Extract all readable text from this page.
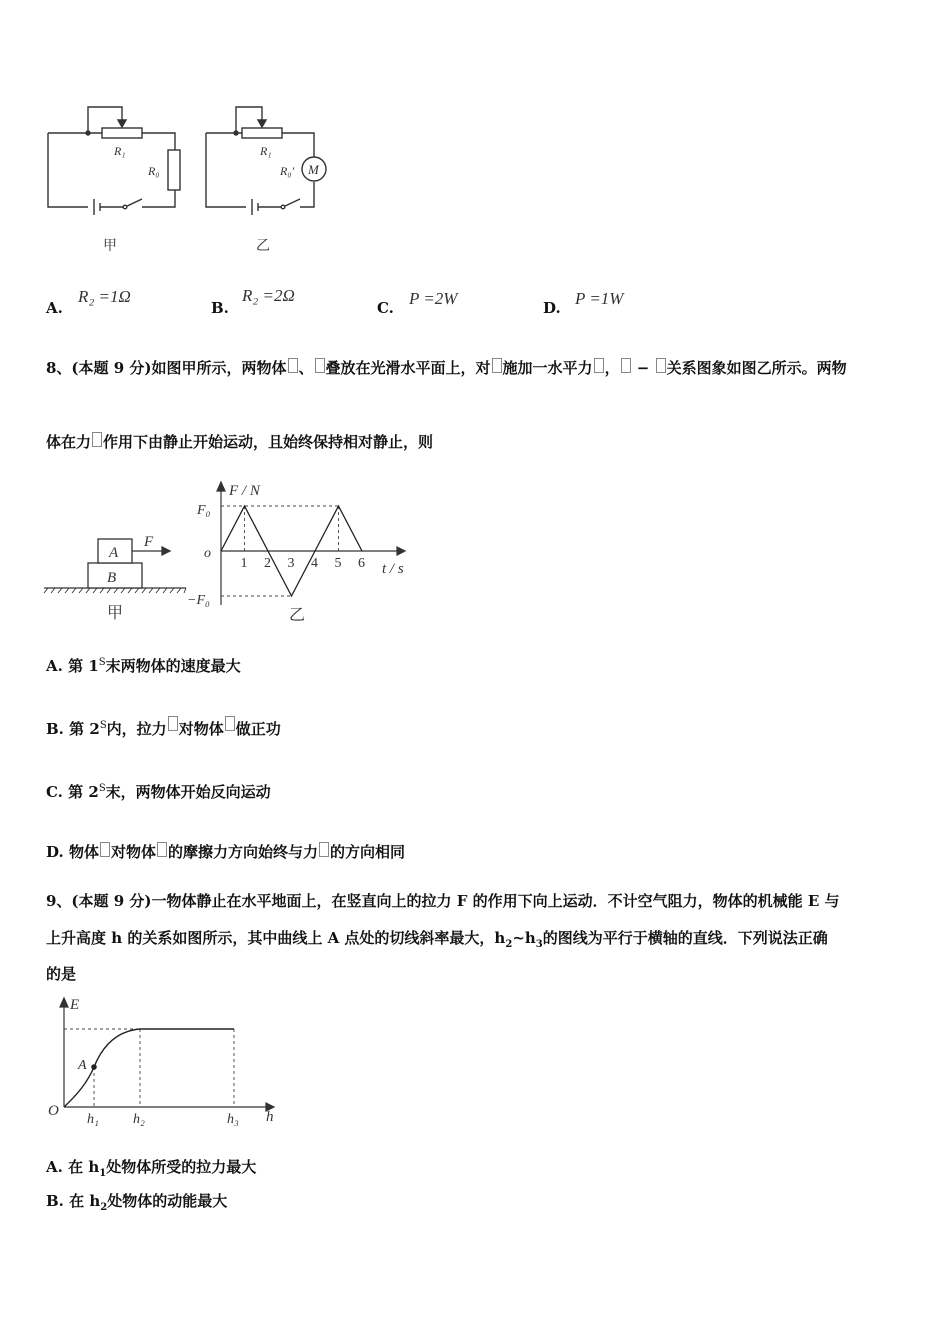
R₁
R₀
甲
M
R₁
R₀′
乙
A.
R₂ =1Ω
B.
R₂ =2Ω
C. P =2W	D. P =1W
8、(本题 9 分)如图甲所示，两物体 、 叠放在光滑水平面上，对 施加一水平力 ， − 关系图象如图乙所示。两物
体在力 作用下由静止开始运动，且始终保持相对静止，则
A
B
F
甲
1 2 3 4 5 6
F / N
t / s
o
F₀
−F₀
乙
A. 第 $1^S$末两物体的速度最大
B. 第 $2^S$内，拉力 对物体 做正功
C. 第 $2^S$末，两物体开始反向运动
D. 物体 对物体 的摩擦力方向始终与力 的方向相同
9、(本题 9 分)一物体静止在水平地面上，在竖直向上的拉力 F 的作用下向上运动．不计空气阻力，物体的机械能 E 与
上升高度 h 的关系如图所示，其中曲线上 A 点处的切线斜率最大，$h_2\sim h_3$的图线为平行于横轴的直线．下列说法正确
的是
E
h
O
A
h₁ h₂	h₃
A. 在 $h_1$处物体所受的拉力最大
B. 在 $h_2$处物体的动能最大
